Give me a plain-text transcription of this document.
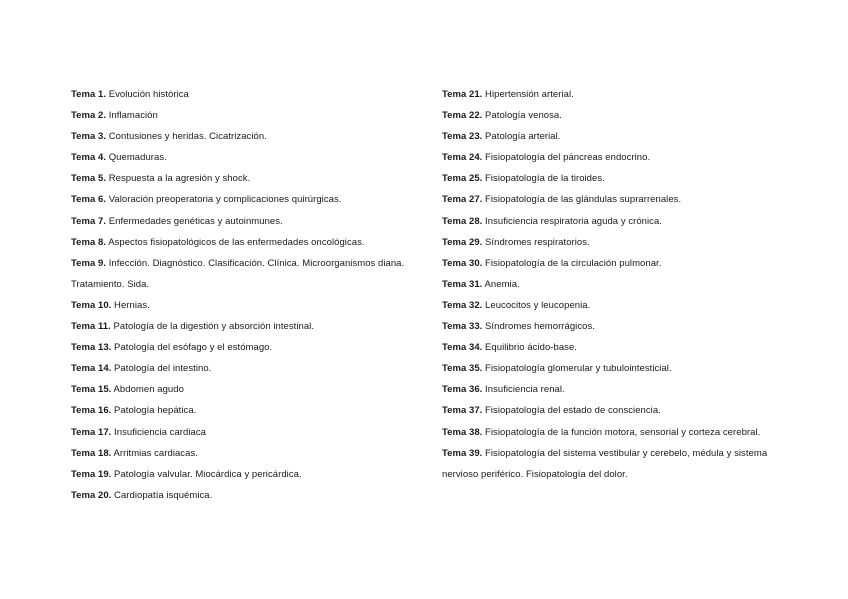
Tema 1. Evolución histórica
Tema 2. Inflamación
Tema 3. Contusiones y heridas. Cicatrización.
Tema 4. Quemaduras.
Tema 5. Respuesta a la agresión y shock.
Tema 6. Valoración preoperatoria y complicaciones quirúrgicas.
Tema 7. Enfermedades genéticas y autoinmunes.
Tema 8. Aspectos fisiopatológicos de las enfermedades oncológicas.
Tema 9. Infección. Diagnóstico. Clasificación. Clínica. Microorganismos diana. Tratamiento. Sida.
Tema 10. Hernias.
Tema 11. Patología de la digestión y absorción intestinal.
Tema 13. Patología del esófago y el estómago.
Tema 14. Patología del intestino.
Tema 15. Abdomen agudo
Tema 16. Patología hepática.
Tema 17. Insuficiencia cardiaca
Tema 18. Arritmias cardiacas.
Tema 19. Patología valvular. Miocárdica y pericárdica.
Tema 20. Cardiopatía isquémica.
Tema 21. Hipertensión arterial.
Tema 22. Patología venosa.
Tema 23. Patología arterial.
Tema 24. Fisiopatología del páncreas endocrino.
Tema 25. Fisiopatología de la tiroides.
Tema 27. Fisiopatología de las glándulas suprarrenales.
Tema 28. Insuficiencia respiratoria aguda y crónica.
Tema 29. Síndromes respiratorios.
Tema 30. Fisiopatología de la circulación pulmonar.
Tema 31. Anemia.
Tema 32. Leucocitos y leucopenia.
Tema 33. Síndromes hemorrágicos.
Tema 34. Equilibrio ácido-base.
Tema 35. Fisiopatología glomerular y tubulointesticial.
Tema 36. Insuficiencia renal.
Tema 37. Fisiopatología del estado de consciencia.
Tema 38. Fisiopatología de la función motora, sensorial y corteza cerebral.
Tema 39. Fisiopatología del sistema vestibular y cerebelo, médula y sistema nervioso periférico. Fisiopatología del dolor.
